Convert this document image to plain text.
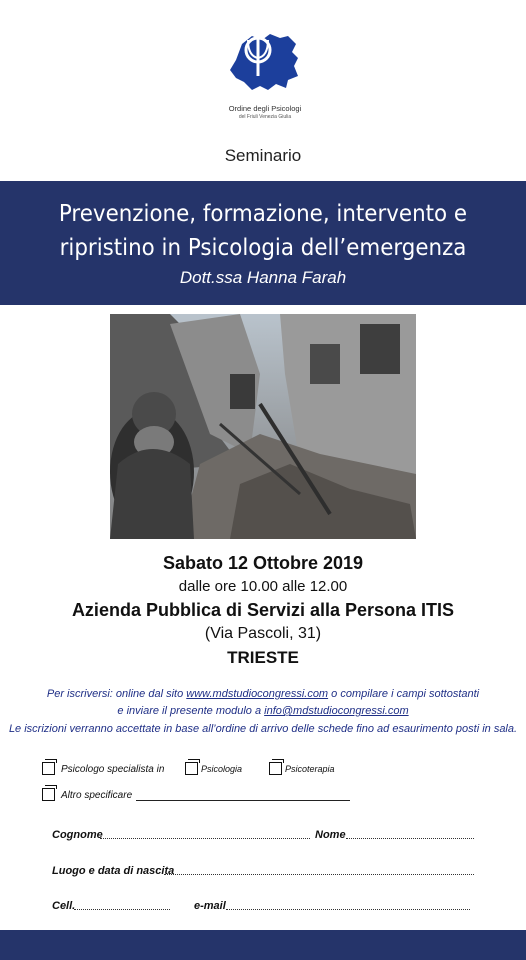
Ordine degli Psicologi
del Friuli Venezia Giulia
Seminario
Prevenzione, formazione, intervento e
ripristino in Psicologia dell’emergenza
Dott.ssa Hanna Farah
Sabato 12 Ottobre 2019
dalle ore 10.00 alle 12.00
Azienda Pubblica di Servizi alla Persona ITIS
(Via Pascoli, 31)
TRIESTE
Per iscriversi: online dal sito www.mdstudiocongressi.com o compilare i campi sottostanti
e inviare il presente modulo a info@mdstudiocongressi.com
Le iscrizioni verranno accettate in base all’ordine di arrivo delle schede fino ad esaurimento posti in sala.
Psicologo specialista in	Psicologia	Psicoterapia
Altro specificare
Cognome	Nome
Luogo e data di nascita
Cell.	e-mail
